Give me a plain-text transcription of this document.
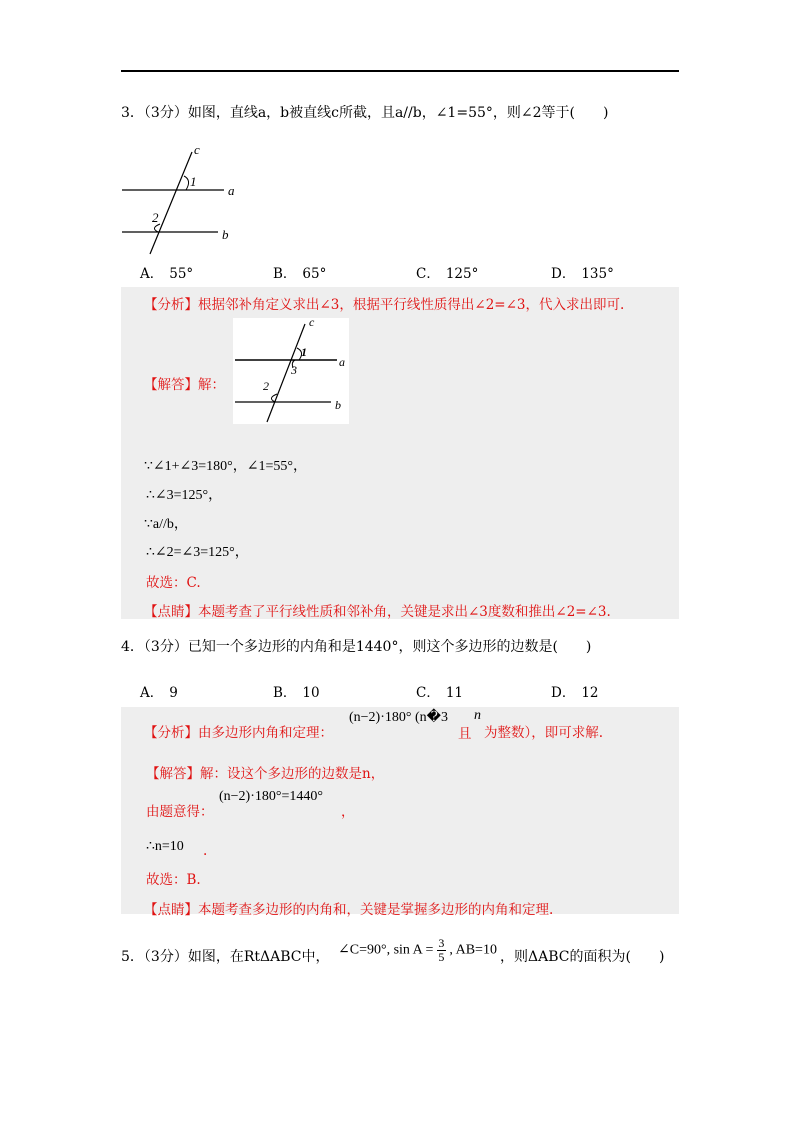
3．（3分）如图，直线a，b被直线c所截，且a//b，∠1=55°，则∠2等于(　　)
c
1
a
2
b
A． 55°	B． 65°	C． 125°	D． 135°
【分析】根据邻补角定义求出∠3，根据平行线性质得出∠2=∠3，代入求出即可.
c
1
3
a
2
b
【解答】解：
∵∠1+∠3=180°，∠1=55°，
∴∠3=125°，
∵a//b，
∴∠2=∠3=125°，
故选：C.
【点睛】本题考查了平行线性质和邻补角，关键是求出∠3度数和推出∠2=∠3.
4．（3分）已知一个多边形的内角和是1440°，则这个多边形的边数是(　　)
A． 9	B． 10	C． 11	D． 12
【分析】由多边形内角和定理：
(n−2)·180° (n�3
且
n
为整数），即可求解.
【解答】解：设这个多边形的边数是n，
由题意得：
(n−2)·180°=1440°
，
∴n=10 .
故选：B.
【点睛】本题考查多边形的内角和，关键是掌握多边形的内角和定理.
5．（3分）如图，在RtΔABC中， ∠C=90°, $\sin A = \frac{3}{5}$ , AB=10 ，则ΔABC的面积为(　　)
